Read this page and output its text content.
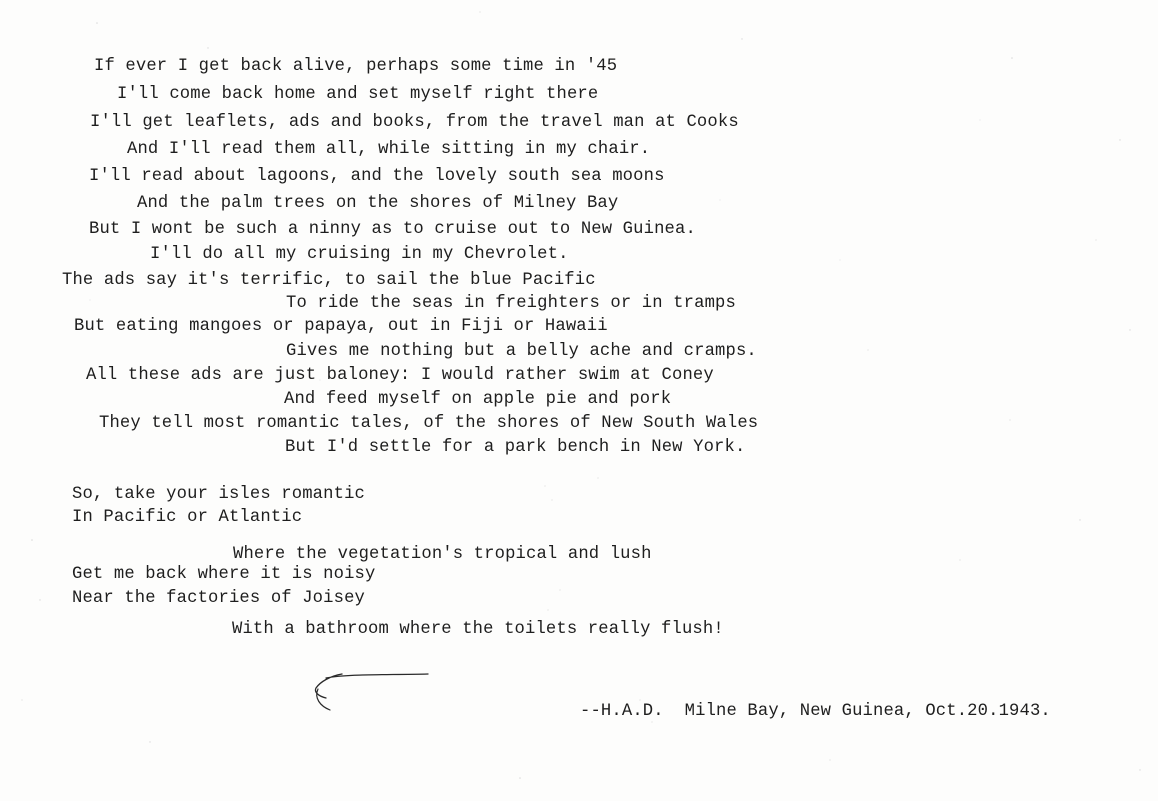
If ever I get back alive, perhaps some time in '45
I'll come back home and set myself right there
I'll get leaflets, ads and books, from the travel man at Cooks
And I'll read them all, while sitting in my chair.
I'll read about lagoons, and the lovely south sea moons
And the palm trees on the shores of Milney Bay
But I wont be such a ninny as to cruise out to New Guinea.
I'll do all my cruising in my Chevrolet.
The ads say it's terrific, to sail the blue Pacific
To ride the seas in freighters or in tramps
But eating mangoes or papaya, out in Fiji or Hawaii
Gives me nothing but a belly ache and cramps.
All these ads are just baloney: I would rather swim at Coney
And feed myself on apple pie and pork
They tell most romantic tales, of the shores of New South Wales
But I'd settle for a park bench in New York.
So, take your isles romantic
In Pacific or Atlantic
Where the vegetation's tropical and lush
Get me back where it is noisy
Near the factories of Joisey
With a bathroom where the toilets really flush!
--H.A.D.  Milne Bay, New Guinea, Oct.20.1943.
